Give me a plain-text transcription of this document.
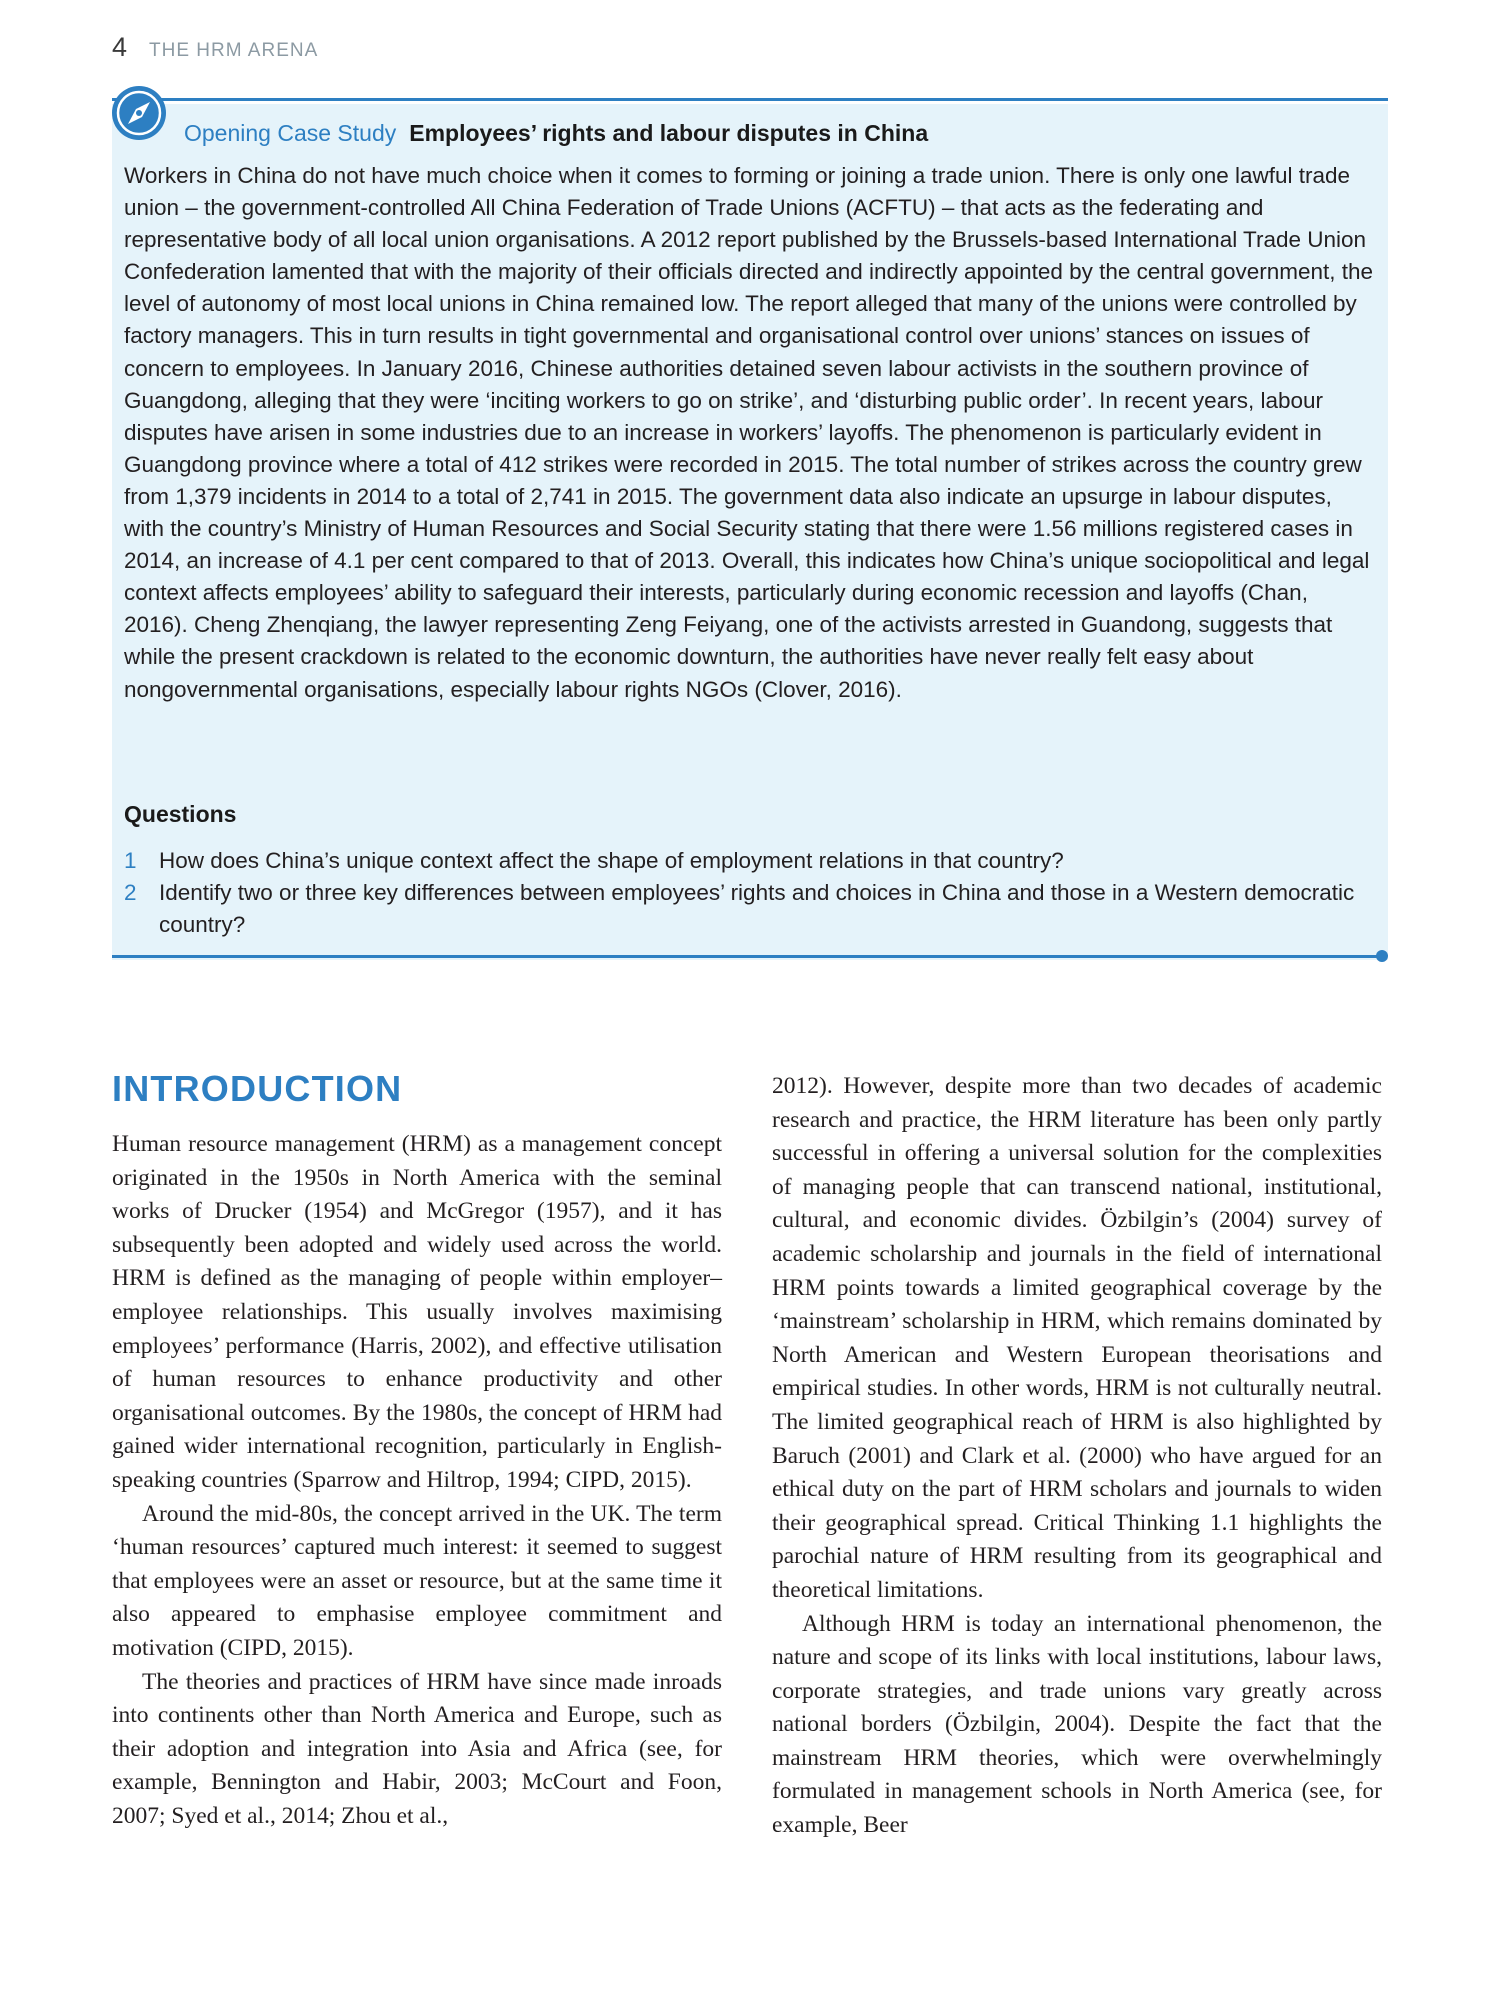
4 THE HRM ARENA
Opening Case Study Employees’ rights and labour disputes in China

Workers in China do not have much choice when it comes to forming or joining a trade union. There is only one lawful trade union – the government-controlled All China Federation of Trade Unions (ACFTU) – that acts as the federating and representative body of all local union organisations. A 2012 report published by the Brussels-based International Trade Union Confederation lamented that with the majority of their officials directed and indirectly appointed by the central government, the level of autonomy of most local unions in China remained low. The report alleged that many of the unions were controlled by factory managers. This in turn results in tight governmental and organisational control over unions’ stances on issues of concern to employees. In January 2016, Chinese authorities detained seven labour activists in the southern province of Guangdong, alleging that they were ‘inciting workers to go on strike’, and ‘disturbing public order’. In recent years, labour disputes have arisen in some industries due to an increase in workers’ layoffs. The phenomenon is particularly evident in Guangdong province where a total of 412 strikes were recorded in 2015. The total number of strikes across the country grew from 1,379 incidents in 2014 to a total of 2,741 in 2015. The government data also indicate an upsurge in labour disputes, with the country’s Ministry of Human Resources and Social Security stating that there were 1.56 millions registered cases in 2014, an increase of 4.1 per cent compared to that of 2013. Overall, this indicates how China’s unique sociopolitical and legal context affects employees’ ability to safeguard their interests, particularly during economic recession and layoffs (Chan, 2016). Cheng Zhenqiang, the lawyer representing Zeng Feiyang, one of the activists arrested in Guandong, suggests that while the present crackdown is related to the economic downturn, the authorities have never really felt easy about nongovernmental organisations, especially labour rights NGOs (Clover, 2016).

Questions
1 How does China’s unique context affect the shape of employment relations in that country?
2 Identify two or three key differences between employees’ rights and choices in China and those in a Western democratic country?
INTRODUCTION

Human resource management (HRM) as a management concept originated in the 1950s in North America with the seminal works of Drucker (1954) and McGregor (1957), and it has subsequently been adopted and widely used across the world. HRM is defined as the managing of people within employer–employee relationships. This usually involves maximising employees’ performance (Harris, 2002), and effective utilisation of human resources to enhance productivity and other organisational outcomes. By the 1980s, the concept of HRM had gained wider international recognition, particularly in English-speaking countries (Sparrow and Hiltrop, 1994; CIPD, 2015).

Around the mid-80s, the concept arrived in the UK. The term ‘human resources’ captured much interest: it seemed to suggest that employees were an asset or resource, but at the same time it also appeared to emphasise employee commitment and motivation (CIPD, 2015).

The theories and practices of HRM have since made inroads into continents other than North America and Europe, such as their adoption and integration into Asia and Africa (see, for example, Bennington and Habir, 2003; McCourt and Foon, 2007; Syed et al., 2014; Zhou et al.,

2012). However, despite more than two decades of academic research and practice, the HRM literature has been only partly successful in offering a universal solution for the complexities of managing people that can transcend national, institutional, cultural, and economic divides. Özbilgin’s (2004) survey of academic scholarship and journals in the field of international HRM points towards a limited geographical coverage by the ‘mainstream’ scholarship in HRM, which remains dominated by North American and Western European theorisations and empirical studies. In other words, HRM is not culturally neutral. The limited geographical reach of HRM is also highlighted by Baruch (2001) and Clark et al. (2000) who have argued for an ethical duty on the part of HRM scholars and journals to widen their geographical spread. Critical Thinking 1.1 highlights the parochial nature of HRM resulting from its geographical and theoretical limitations.

Although HRM is today an international phenomenon, the nature and scope of its links with local institutions, labour laws, corporate strategies, and trade unions vary greatly across national borders (Özbilgin, 2004). Despite the fact that the mainstream HRM theories, which were overwhelmingly formulated in management schools in North America (see, for example, Beer
